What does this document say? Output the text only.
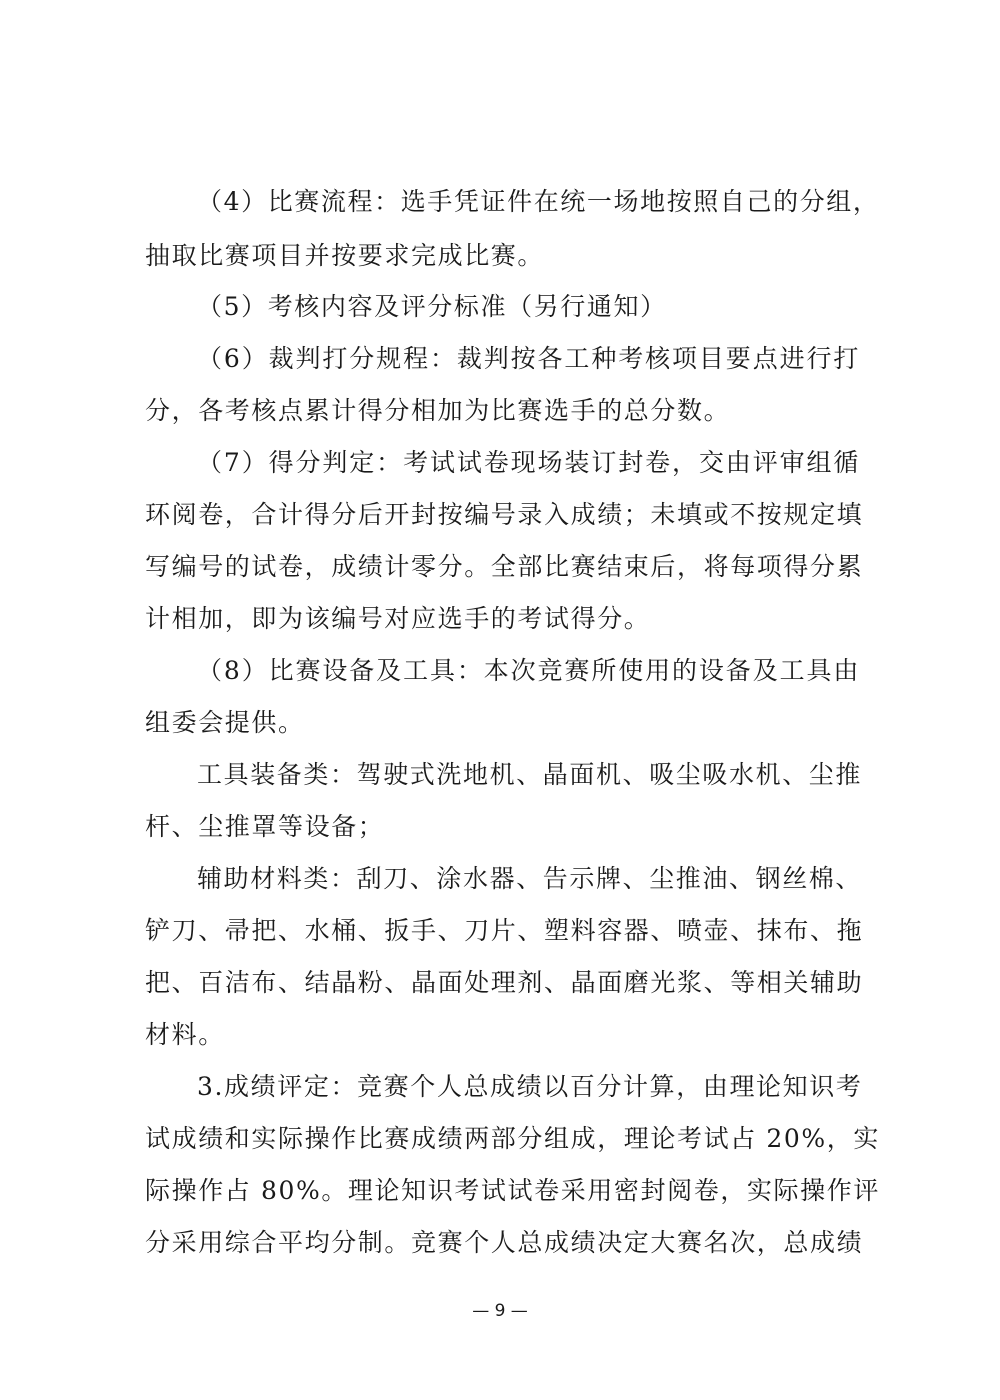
（4）比赛流程：选手凭证件在统一场地按照自己的分组，
抽取比赛项目并按要求完成比赛。
（5）考核内容及评分标准（另行通知）
（6）裁判打分规程：裁判按各工种考核项目要点进行打
分，各考核点累计得分相加为比赛选手的总分数。
（7）得分判定：考试试卷现场装订封卷，交由评审组循
环阅卷，合计得分后开封按编号录入成绩；未填或不按规定填
写编号的试卷，成绩计零分。全部比赛结束后，将每项得分累
计相加，即为该编号对应选手的考试得分。
（8）比赛设备及工具：本次竞赛所使用的设备及工具由
组委会提供。
工具装备类：驾驶式洗地机、晶面机、吸尘吸水机、尘推
杆、尘推罩等设备；
辅助材料类：刮刀、涂水器、告示牌、尘推油、钢丝棉、
铲刀、帚把、水桶、扳手、刀片、塑料容器、喷壶、抹布、拖
把、百洁布、结晶粉、晶面处理剂、晶面磨光浆、等相关辅助
材料。
3.成绩评定：竞赛个人总成绩以百分计算，由理论知识考
试成绩和实际操作比赛成绩两部分组成，理论考试占 20%，实
际操作占 80%。理论知识考试试卷采用密封阅卷，实际操作评
分采用综合平均分制。竞赛个人总成绩决定大赛名次，总成绩
— 9 —
